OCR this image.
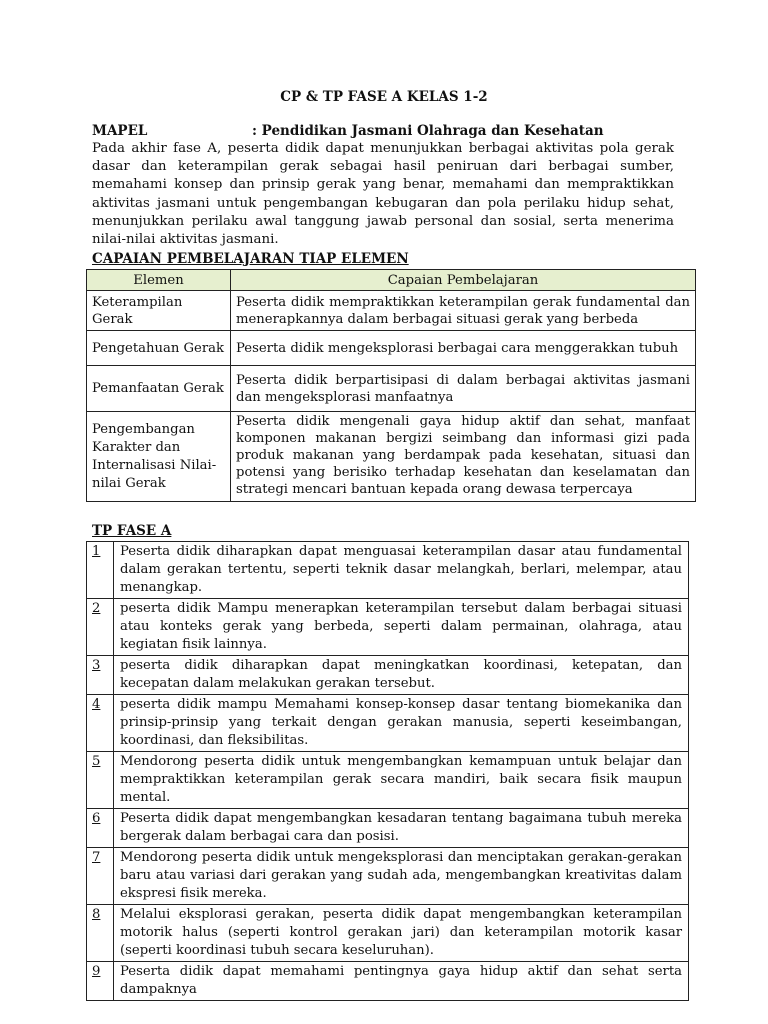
CP & TP FASE A KELAS 1-2
MAPEL	: Pendidikan Jasmani Olahraga dan Kesehatan
Pada akhir fase A, peserta didik dapat menunjukkan berbagai aktivitas pola gerak dasar dan keterampilan gerak sebagai hasil peniruan dari berbagai sumber, memahami konsep dan prinsip gerak yang benar, memahami dan mempraktikkan aktivitas jasmani untuk pengembangan kebugaran dan pola perilaku hidup sehat, menunjukkan perilaku awal tanggung jawab personal dan sosial, serta menerima nilai-nilai aktivitas jasmani.
CAPAIAN PEMBELAJARAN TIAP ELEMEN
Elemen	Capaian Pembelajaran
Keterampilan Gerak	Peserta didik mempraktikkan keterampilan gerak fundamental dan menerapkannya dalam berbagai situasi gerak yang berbeda
Pengetahuan Gerak	Peserta didik mengeksplorasi berbagai cara menggerakkan tubuh
Pemanfaatan Gerak	Peserta didik berpartisipasi di dalam berbagai aktivitas jasmani dan mengeksplorasi manfaatnya
Pengembangan Karakter dan Internalisasi Nilai-nilai Gerak	Peserta didik mengenali gaya hidup aktif dan sehat, manfaat komponen makanan bergizi seimbang dan informasi gizi pada produk makanan yang berdampak pada kesehatan, situasi dan potensi yang berisiko terhadap kesehatan dan keselamatan dan strategi mencari bantuan kepada orang dewasa terpercaya
TP FASE A
1	Peserta didik diharapkan dapat menguasai keterampilan dasar atau fundamental dalam gerakan tertentu, seperti teknik dasar melangkah, berlari, melempar, atau menangkap.
2	peserta didik Mampu menerapkan keterampilan tersebut dalam berbagai situasi atau konteks gerak yang berbeda, seperti dalam permainan, olahraga, atau kegiatan fisik lainnya.
3	peserta didik diharapkan dapat meningkatkan koordinasi, ketepatan, dan kecepatan dalam melakukan gerakan tersebut.
4	peserta didik mampu Memahami konsep-konsep dasar tentang biomekanika dan prinsip-prinsip yang terkait dengan gerakan manusia, seperti keseimbangan, koordinasi, dan fleksibilitas.
5	Mendorong peserta didik untuk mengembangkan kemampuan untuk belajar dan mempraktikkan keterampilan gerak secara mandiri, baik secara fisik maupun mental.
6	Peserta didik dapat mengembangkan kesadaran tentang bagaimana tubuh mereka bergerak dalam berbagai cara dan posisi.
7	Mendorong peserta didik untuk mengeksplorasi dan menciptakan gerakan-gerakan baru atau variasi dari gerakan yang sudah ada, mengembangkan kreativitas dalam ekspresi fisik mereka.
8	Melalui eksplorasi gerakan, peserta didik dapat mengembangkan keterampilan motorik halus (seperti kontrol gerakan jari) dan keterampilan motorik kasar (seperti koordinasi tubuh secara keseluruhan).
9	Peserta didik dapat memahami pentingnya gaya hidup aktif dan sehat serta dampaknya
